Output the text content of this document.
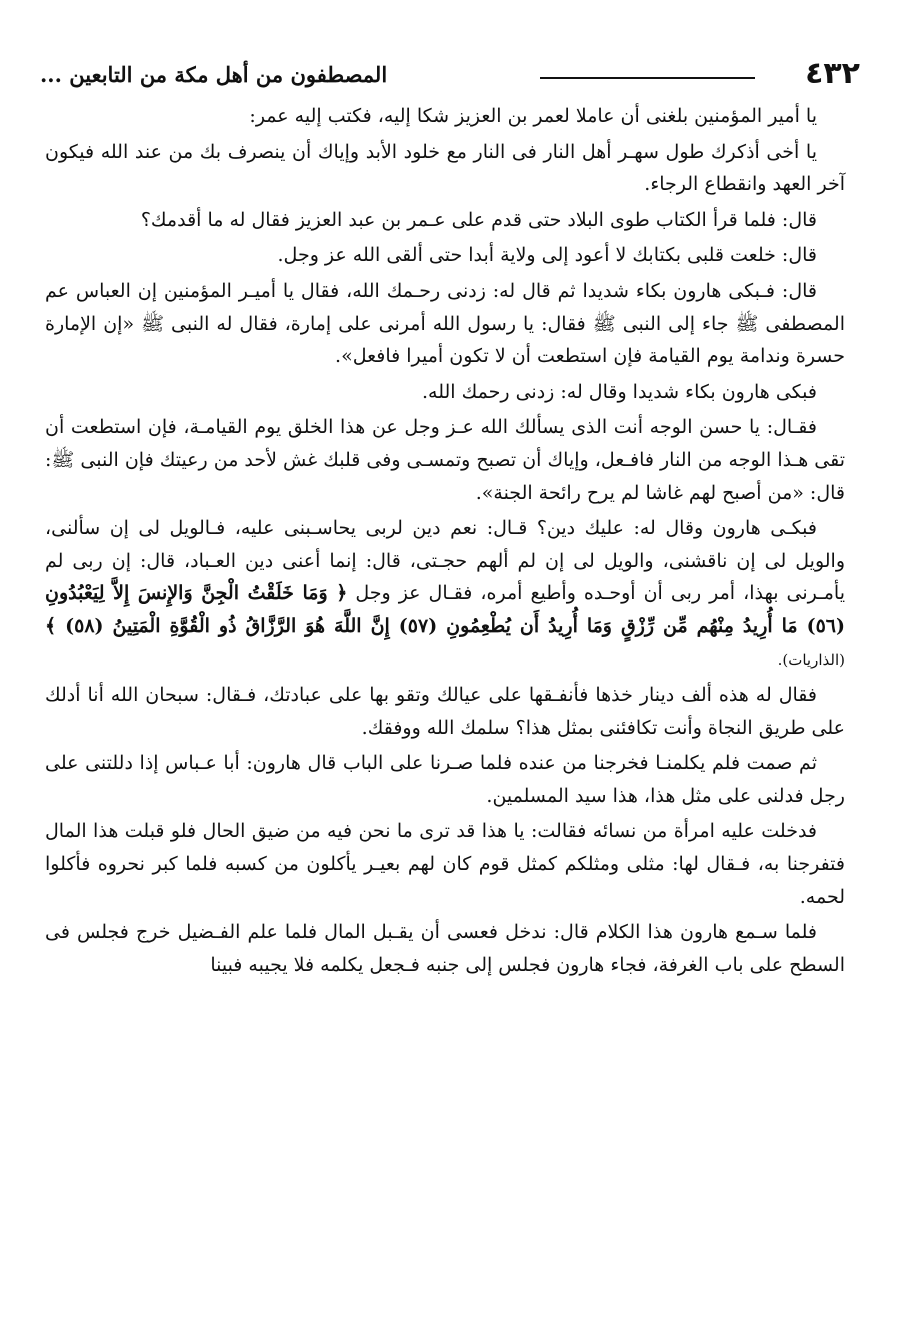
٤٣٢
المصطفون من أهل مكة من التابعين ...

يا أمير المؤمنين بلغنى أن عاملا لعمر بن العزيز شكا إليه، فكتب إليه عمر:

يا أخى أذكرك طول سهـر أهل النار فى النار مع خلود الأبد وإياك أن ينصرف بك من عند الله فيكون آخر العهد وانقطاع الرجاء.

قال: فلما قرأ الكتاب طوى البلاد حتى قدم على عـمر بن عبد العزيز فقال له ما أقدمك؟

قال: خلعت قلبى بكتابك لا أعود إلى ولاية أبدا حتى ألقى الله عز وجل.

قال: فـبكى هارون بكاء شديدا ثم قال له: زدنى رحـمك الله، فقال يا أميـر المؤمنين إن العباس عم المصطفى ﷺ جاء إلى النبى ﷺ فقال: يا رسول الله أمرنى على إمارة، فقال له النبى ﷺ «إن الإمارة حسرة وندامة يوم القيامة فإن استطعت أن لا تكون أميرا فافعل».

فبكى هارون بكاء شديدا وقال له: زدنى رحمك الله.

فقـال: يا حسن الوجه أنت الذى يسألك الله عـز وجل عن هذا الخلق يوم القيامـة، فإن استطعت أن تقى هـذا الوجه من النار فافـعل، وإياك أن تصبح وتمسـى وفى قلبك غش لأحد من رعيتك فإن النبى ﷺ: قال: «من أصبح لهم غاشا لم يرح رائحة الجنة».

فبكـى هارون وقال له: عليك دين؟ قـال: نعم دين لربى يحاسـبنى عليه، فـالويل لى إن سألنى، والويل لى إن ناقشنى، والويل لى إن لم ألهم حجـتى، قال: إنما أعنى دين العـباد، قال: إن ربى لم يأمـرنى بهذا، أمر ربى أن أوحـده وأطيع أمره، فقـال عز وجل ﴿ وَمَا خَلَقْتُ الْجِنَّ وَالإِنسَ إِلاَّ لِيَعْبُدُونِ (٥٦) مَا أُرِيدُ مِنْهُم مِّن رِّزْقٍ وَمَا أُرِيدُ أَن يُطْعِمُونِ (٥٧) إِنَّ اللَّهَ هُوَ الرَّزَّاقُ ذُو الْقُوَّةِ الْمَتِينُ (٥٨) ﴾ (الذاريات).

فقال له هذه ألف دينار خذها فأنفـقها على عيالك وتقو بها على عبادتك، فـقال: سبحان الله أنا أدلك على طريق النجاة وأنت تكافئنى بمثل هذا؟ سلمك الله ووفقك.

ثم صمت فلم يكلمنـا فخرجنا من عنده فلما صـرنا على الباب قال هارون: أبا عـباس إذا دللتنى على رجل فدلنى على مثل هذا، هذا سيد المسلمين.

فدخلت عليه امرأة من نسائه فقالت: يا هذا قد ترى ما نحن فيه من ضيق الحال فلو قبلت هذا المال فتفرجنا به، فـقال لها: مثلى ومثلكم كمثل قوم كان لهم بعيـر يأكلون من كسبه فلما كبر نحروه فأكلوا لحمه.

فلما سـمع هارون هذا الكلام قال: ندخل فعسى أن يقـبل المال فلما علم الفـضيل خرج فجلس فى السطح على باب الغرفة، فجاء هارون فجلس إلى جنبه فـجعل يكلمه فلا يجيبه فبينا
